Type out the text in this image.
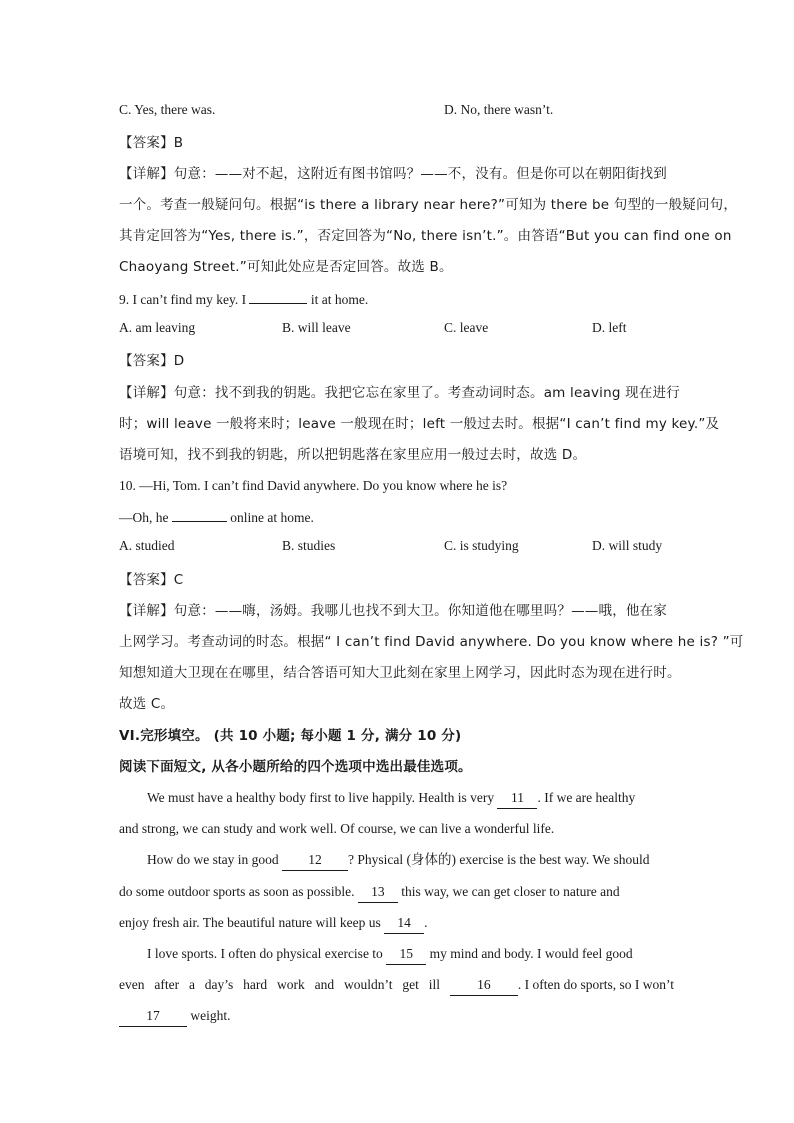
C. Yes, there was.	D. No, there wasn’t.
【答案】B
【详解】句意：——对不起，这附近有图书馆吗？——不，没有。但是你可以在朝阳街找到
一个。考查一般疑问句。根据“is there a library near here?”可知为 there be 句型的一般疑问句，
其肯定回答为“Yes, there is.”，否定回答为“No, there isn’t.”。由答语“But you can find one on
Chaoyang Street.”可知此处应是否定回答。故选 B。
9. I can’t find my key. I	it at home.
A. am leaving	B. will leave	C. leave	D. left
【答案】D
【详解】句意：找不到我的钥匙。我把它忘在家里了。考查动词时态。am leaving 现在进行
时；will leave 一般将来时；leave 一般现在时；left 一般过去时。根据“I can’t find my key.”及
语境可知，找不到我的钥匙，所以把钥匙落在家里应用一般过去时，故选 D。
10. —Hi, Tom. I can’t find David anywhere. Do you know where he is?
—Oh, he	online at home.
A. studied	B. studies	C. is studying	D. will study
【答案】C
【详解】句意：——嗨，汤姆。我哪儿也找不到大卫。你知道他在哪里吗？——哦，他在家
上网学习。考查动词的时态。根据“ I can’t find David anywhere. Do you know where he is? ”可
知想知道大卫现在在哪里，结合答语可知大卫此刻在家里上网学习，因此时态为现在进行时。
故选 C。
VI.完形填空。 (共 10 小题; 每小题 1 分, 满分 10 分)
阅读下面短文, 从各小题所给的四个选项中选出最佳选项。
We must have a healthy body first to live happily. Health is very 11 . If we are healthy
and strong, we can study and work well. Of course, we can live a wonderful life.
How do we stay in good 12 ? Physical (身体的) exercise is the best way. We should
do some outdoor sports as soon as possible. 13 this way, we can get closer to nature and
enjoy fresh air. The beautiful nature will keep us 14 .
I love sports. I often do physical exercise to 15 my mind and body. I would feel good
even after a day’s hard work and wouldn’t get ill	16 . I often do sports, so I won’t
17 weight.
